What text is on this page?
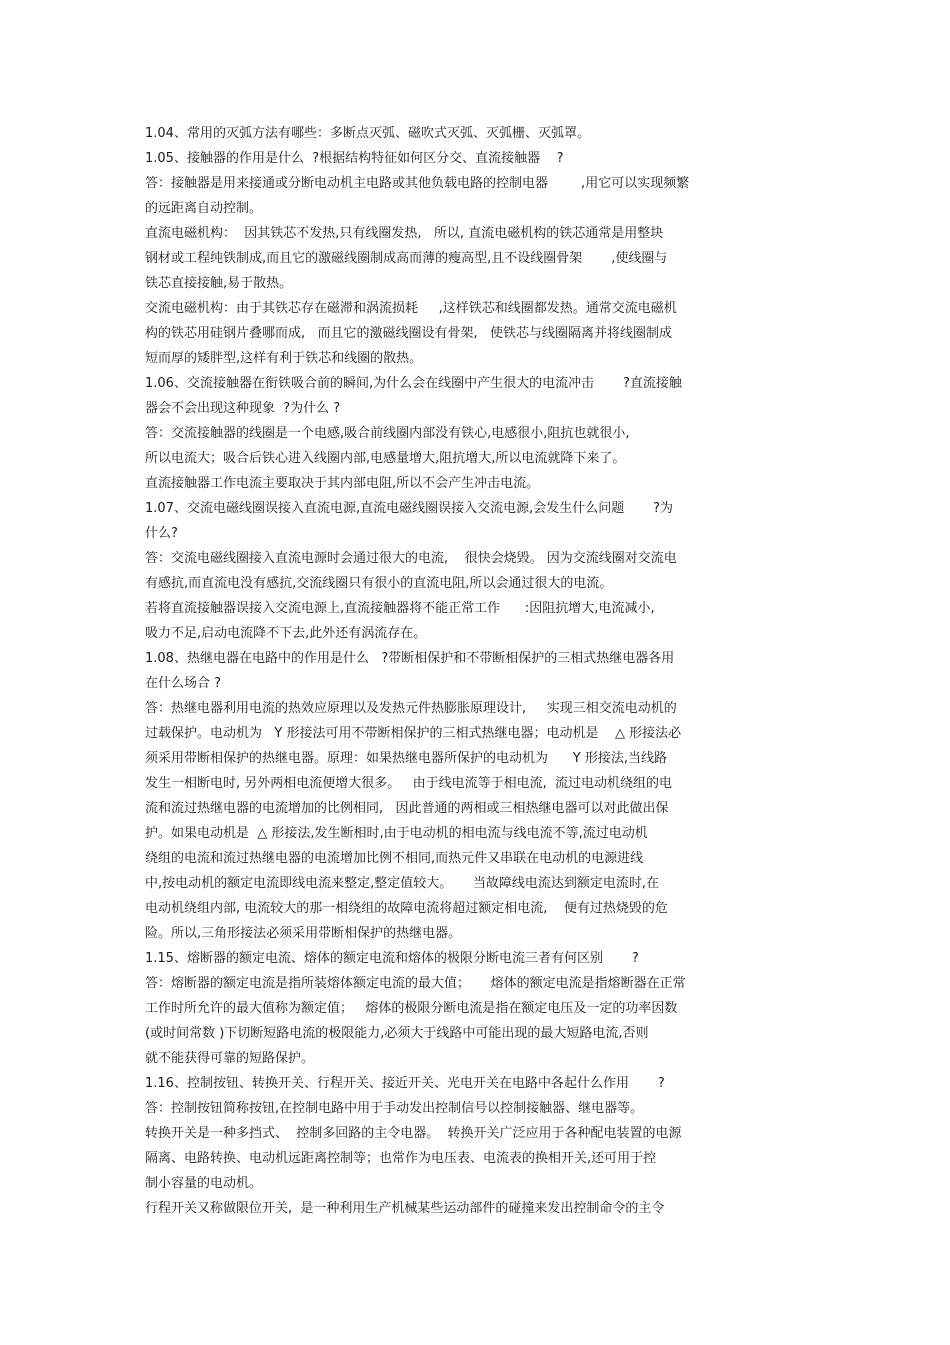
1.04、常用的灭弧方法有哪些：多断点灭弧、磁吹式灭弧、灭弧栅、灭弧罩。
1.05、接触器的作用是什么  ?根据结构特征如何区分交、直流接触器    ?
答：接触器是用来接通或分断电动机主电路或其他负载电路的控制电器        ,用它可以实现频繁
的远距离自动控制。
直流电磁机构：  因其铁芯不发热,只有线圈发热,   所以, 直流电磁机构的铁芯通常是用整块
钢材或工程纯铁制成,而且它的激磁线圈制成高而薄的瘦高型,且不设线圈骨架       ,使线圈与
铁芯直接接触,易于散热。
交流电磁机构：由于其铁芯存在磁滞和涡流损耗     ,这样铁芯和线圈都发热。通常交流电磁机
构的铁芯用硅钢片叠哪而成,   而且它的激磁线圈设有骨架,   使铁芯与线圈隔离并将线圈制成
短而厚的矮胖型,这样有利于铁芯和线圈的散热。
1.06、交流接触器在衔铁吸合前的瞬间,为什么会在线圈中产生很大的电流冲击       ?直流接触
器会不会出现这种现象  ?为什么 ?
答：交流接触器的线圈是一个电感,吸合前线圈内部没有铁心,电感很小,阻抗也就很小,
所以电流大；吸合后铁心进入线圈内部,电感量增大,阻抗增大,所以电流就降下来了。
直流接触器工作电流主要取决于其内部电阻,所以不会产生冲击电流。
1.07、交流电磁线圈误接入直流电源,直流电磁线圈误接入交流电源,会发生什么问题       ?为
什么?
答：交流电磁线圈接入直流电源时会通过很大的电流,    很快会烧毁。 因为交流线圈对交流电
有感抗,而直流电没有感抗,交流线圈只有很小的直流电阻,所以会通过很大的电流。
若将直流接触器误接入交流电源上,直流接触器将不能正常工作      :因阻抗增大,电流减小,
吸力不足,启动电流降不下去,此外还有涡流存在。
1.08、热继电器在电路中的作用是什么   ?带断相保护和不带断相保护的三相式热继电器各用
在什么场合 ?
答：热继电器利用电流的热效应原理以及发热元件热膨胀原理设计,     实现三相交流电动机的
过载保护。电动机为   Y 形接法可用不带断相保护的三相式热继电器；电动机是    △ 形接法必
须采用带断相保护的热继电器。原理：如果热继电器所保护的电动机为      Y 形接法,当线路
发生一相断电时, 另外两相电流便增大很多。   由于线电流等于相电流,  流过电动机绕组的电
流和流过热继电器的电流增加的比例相同,   因此普通的两相或三相热继电器可以对此做出保
护。如果电动机是  △ 形接法,发生断相时,由于电动机的相电流与线电流不等,流过电动机
绕组的电流和流过热继电器的电流增加比例不相同,而热元件又串联在电动机的电源进线
中,按电动机的额定电流即线电流来整定,整定值较大。     当故障线电流达到额定电流时,在
电动机绕组内部, 电流较大的那一相绕组的故障电流将超过额定相电流,    便有过热烧毁的危
险。所以,三角形接法必须采用带断相保护的热继电器。
1.15、熔断器的额定电流、熔体的额定电流和熔体的极限分断电流三者有何区别       ?
答：熔断器的额定电流是指所装熔体额定电流的最大值；     熔体的额定电流是指熔断器在正常
工作时所允许的最大值称为额定值；   熔体的极限分断电流是指在额定电压及一定的功率因数
(或时间常数 )下切断短路电流的极限能力,必须大于线路中可能出现的最大短路电流,否则
就不能获得可靠的短路保护。
1.16、控制按钮、转换开关、行程开关、接近开关、光电开关在电路中各起什么作用       ?
答：控制按钮简称按钮,在控制电路中用于手动发出控制信号以控制接触器、继电器等。
转换开关是一种多挡式、  控制多回路的主令电器。  转换开关广泛应用于各种配电装置的电源
隔离、电路转换、电动机远距离控制等；也常作为电压表、电流表的换相开关,还可用于控
制小容量的电动机。
行程开关又称做限位开关,  是一种利用生产机械某些运动部件的碰撞来发出控制命令的主令
